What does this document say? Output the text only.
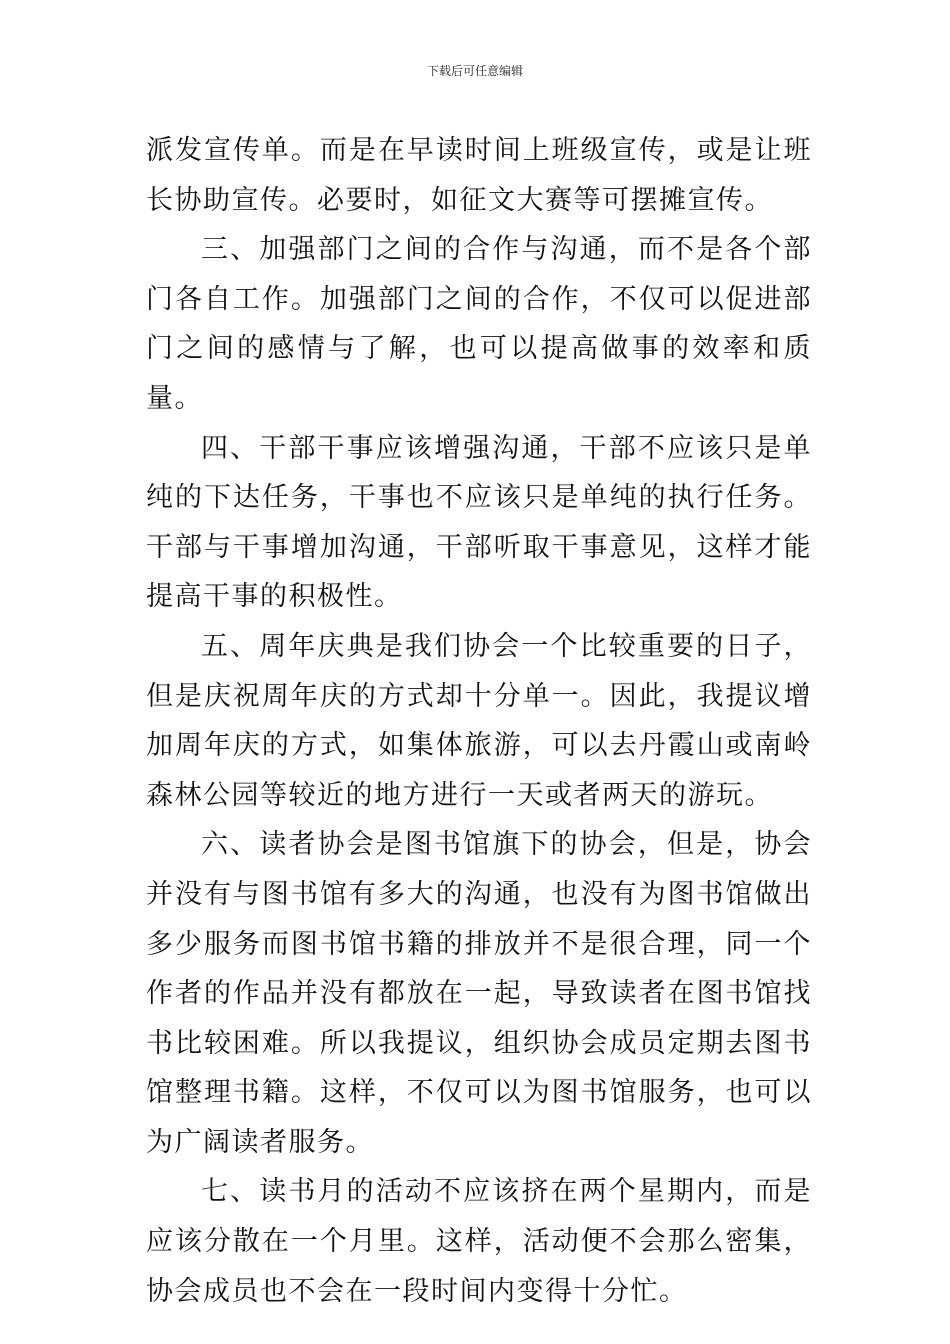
下载后可任意编辑

派发宣传单。而是在早读时间上班级宣传，或是让班长协助宣传。必要时，如征文大赛等可摆摊宣传。

三、加强部门之间的合作与沟通，而不是各个部门各自工作。加强部门之间的合作，不仅可以促进部门之间的感情与了解，也可以提高做事的效率和质量。

四、干部干事应该增强沟通，干部不应该只是单纯的下达任务，干事也不应该只是单纯的执行任务。干部与干事增加沟通，干部听取干事意见，这样才能提高干事的积极性。

五、周年庆典是我们协会一个比较重要的日子，但是庆祝周年庆的方式却十分单一。因此，我提议增加周年庆的方式，如集体旅游，可以去丹霞山或南岭森林公园等较近的地方进行一天或者两天的游玩。

六、读者协会是图书馆旗下的协会，但是，协会并没有与图书馆有多大的沟通，也没有为图书馆做出多少服务而图书馆书籍的排放并不是很合理，同一个作者的作品并没有都放在一起，导致读者在图书馆找书比较困难。所以我提议，组织协会成员定期去图书馆整理书籍。这样，不仅可以为图书馆服务，也可以为广阔读者服务。

七、读书月的活动不应该挤在两个星期内，而是应该分散在一个月里。这样，活动便不会那么密集，协会成员也不会在一段时间内变得十分忙。
